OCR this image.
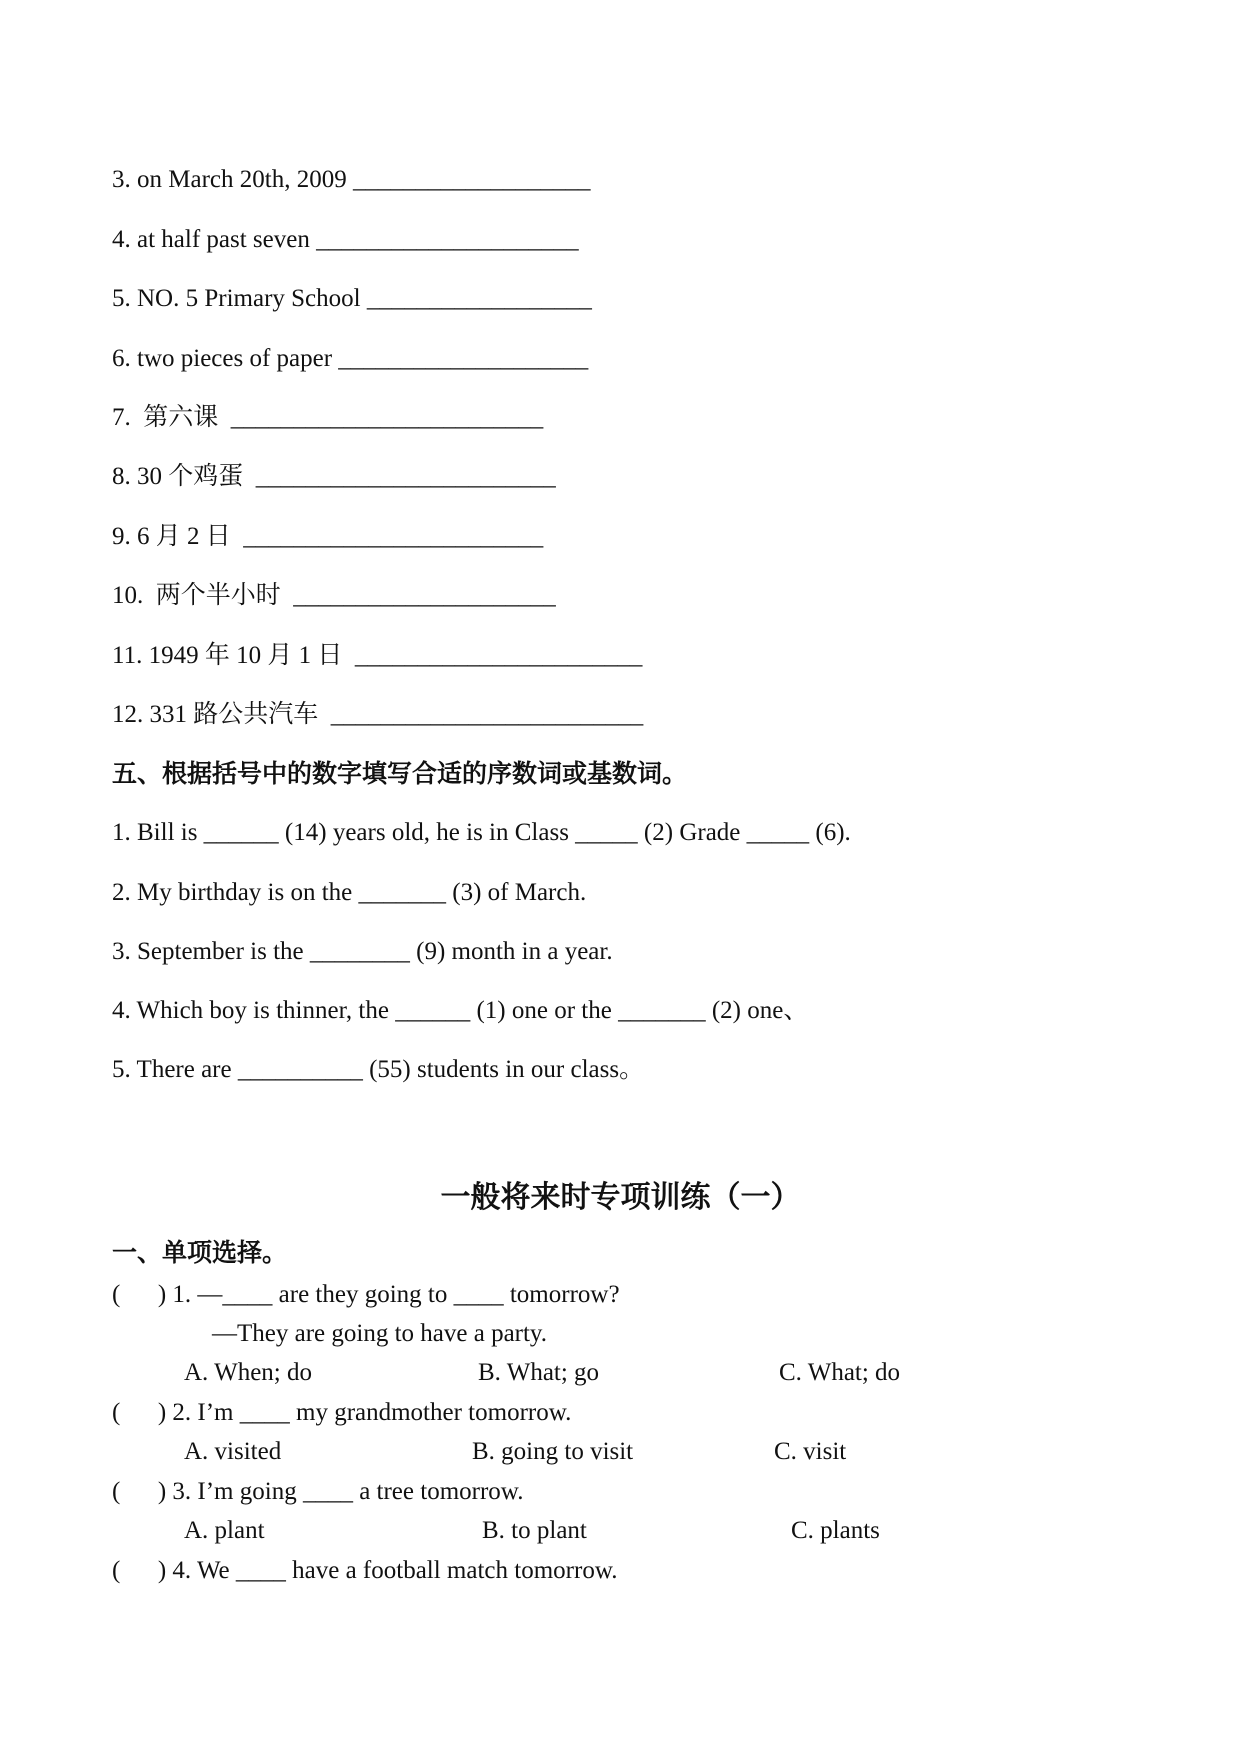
3. on March 20th, 2009 ___________________
4. at half past seven _____________________
5. NO. 5 Primary School __________________
6. two pieces of paper ____________________
7.  第六课  _________________________
8. 30 个鸡蛋  ________________________
9. 6 月 2 日  ________________________
10.  两个半小时  _____________________
11. 1949 年 10 月 1 日  _______________________
12. 331 路公共汽车  _________________________
五、根据括号中的数字填写合适的序数词或基数词。
1. Bill is ______ (14) years old, he is in Class _____ (2) Grade _____ (6).
2. My birthday is on the _______ (3) of March.
3. September is the ________ (9) month in a year.
4. Which boy is thinner, the ______ (1) one or the _______ (2) one、
5. There are __________ (55) students in our class。
一般将来时专项训练（一）
一、单项选择。
(      ) 1. —____ are they going to ____ tomorrow?
—They are going to have a party.
A. When; do	B. What; go	C. What; do
(      ) 2. I’m ____ my grandmother tomorrow.
A. visited	B. going to visit	C. visit
(      ) 3. I’m going ____ a tree tomorrow.
A. plant	B. to plant	C. plants
(      ) 4. We ____ have a football match tomorrow.
